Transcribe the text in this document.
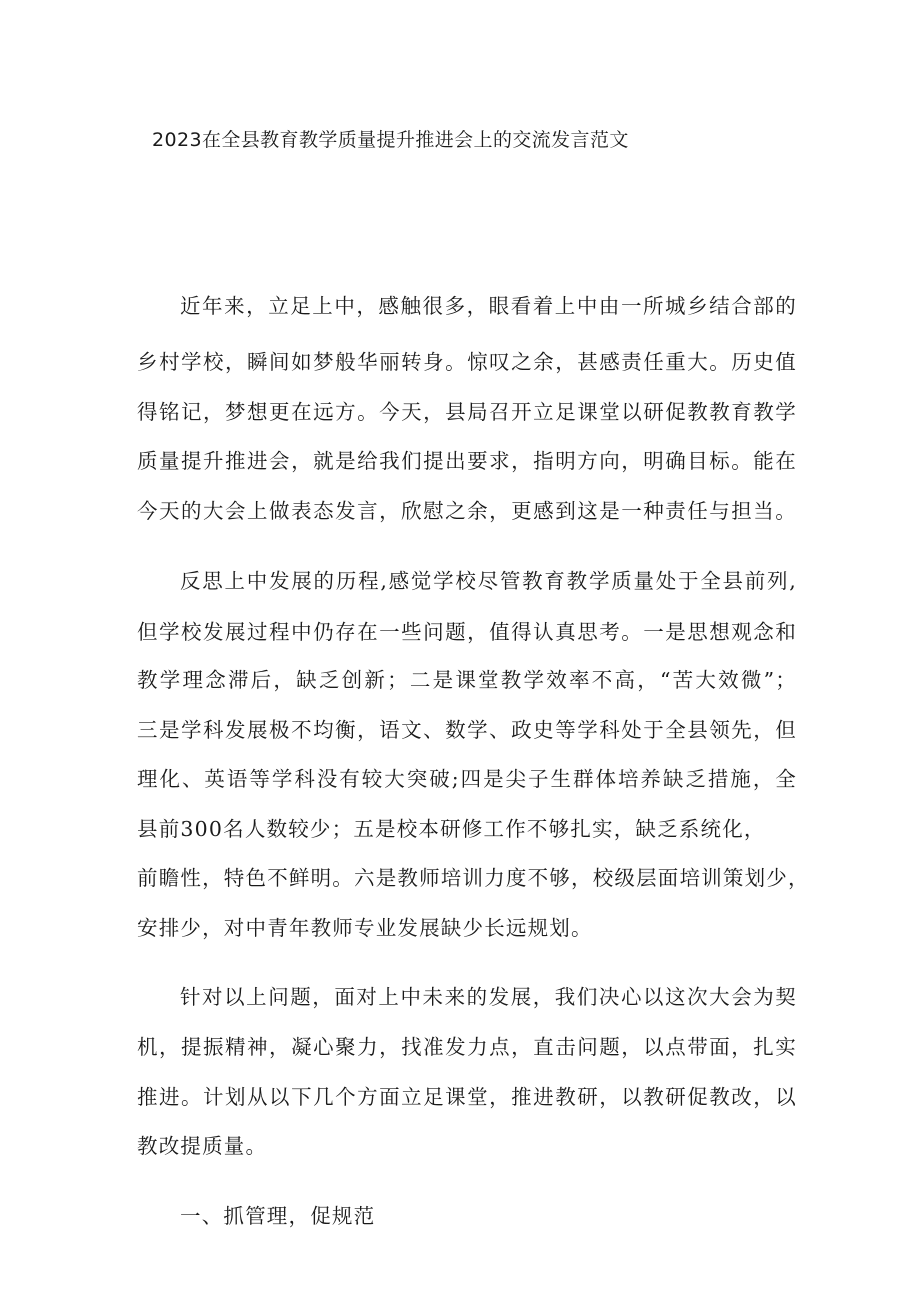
2023在全县教育教学质量提升推进会上的交流发言范文
近年来，立足上中，感触很多，眼看着上中由一所城乡结合部的
乡村学校，瞬间如梦般华丽转身。惊叹之余，甚感责任重大。历史值
得铭记，梦想更在远方。今天，县局召开立足课堂以研促教教育教学
质量提升推进会，就是给我们提出要求，指明方向，明确目标。能在
今天的大会上做表态发言，欣慰之余，更感到这是一种责任与担当。
反思上中发展的历程,感觉学校尽管教育教学质量处于全县前列,
但学校发展过程中仍存在一些问题，值得认真思考。一是思想观念和
教学理念滞后，缺乏创新；二是课堂教学效率不高，“苦大效微”；
三是学科发展极不均衡，语文、数学、政史等学科处于全县领先，但
理化、英语等学科没有较大突破;四是尖子生群体培养缺乏措施，全
县前300名人数较少；五是校本研修工作不够扎实，缺乏系统化，
前瞻性，特色不鲜明。六是教师培训力度不够，校级层面培训策划少，
安排少，对中青年教师专业发展缺少长远规划。
针对以上问题，面对上中未来的发展，我们决心以这次大会为契
机，提振精神，凝心聚力，找准发力点，直击问题，以点带面，扎实
推进。计划从以下几个方面立足课堂，推进教研，以教研促教改，以
教改提质量。
一、抓管理，促规范
